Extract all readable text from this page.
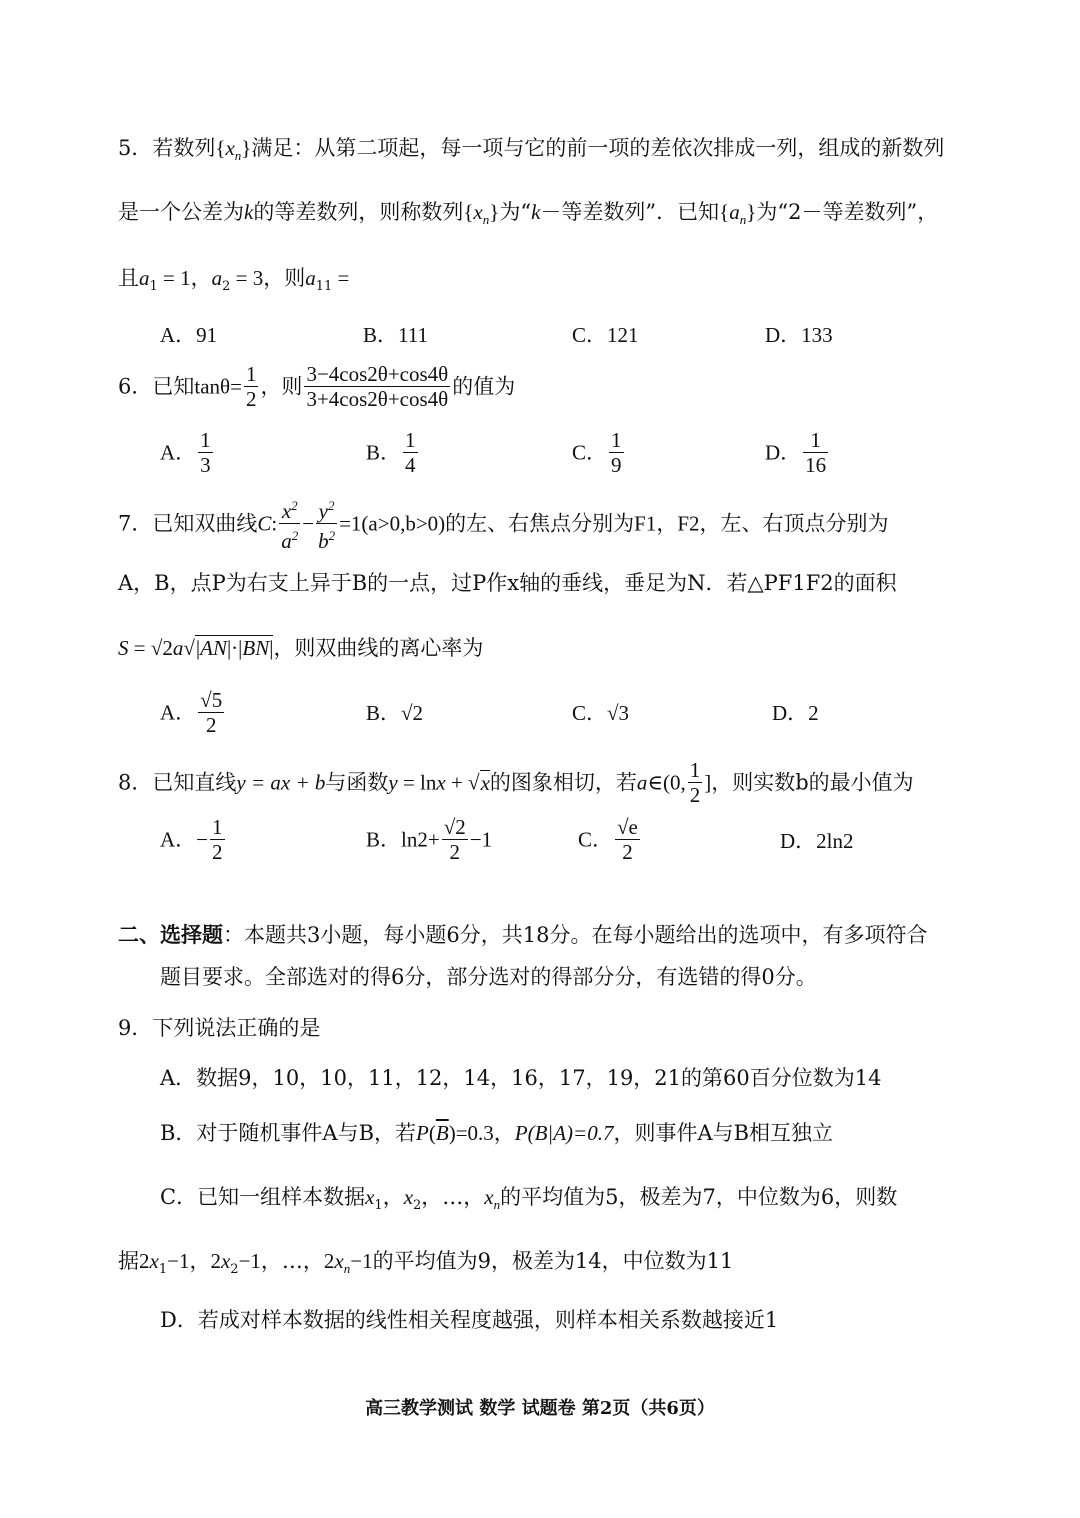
5．若数列$\{x_n\}$满足：从第二项起，每一项与它的前一项的差依次排成一列，组成的新数列
是一个公差为k的等差数列，则称数列$\{x_n\}$为“k－等差数列”．已知$\{a_n\}$为“2－等差数列”，
且$a_1 = 1$，$a_2 = 3$，则$a_{11}$ =
A．91	B．111	C．121	D．133
6．已知$\tan\theta= \frac{1}{2}$ ，则 $\frac{3-4\cos 2\theta+\cos 4\theta}{3+4\cos 2\theta+\cos 4\theta}$ 的值为
A． $\frac{1}{3}$	B． $\frac{1}{4}$	C． $\frac{1}{9}$	D． $\frac{1}{16}$
7．已知双曲线C: $\frac{x^2}{a^2} - \frac{y^2}{b^2} =1(a>0,b>0)$的左、右焦点分别为F1，F2，左、右顶点分别为
A，B，点P为右支上异于B的一点，过P作x轴的垂线，垂足为N．若△PF1F2的面积
S = √2a√|AN|·|BN|，则双曲线的离心率为
A． $\frac{√5}{2}$	B．√2	C．√3	D．2
8．已知直线y = ax + b与函数y = lnx + √x的图象相切，若a∈(0, $\frac{1}{2}$ ]，则实数b的最小值为
A．− $\frac{1}{2}$	B．$\ln 2+ \frac{√2}{2} -1$	C． $\frac{√e}{2}$	D．2ln2
二、选择题：本题共3小题，每小题6分，共18分。在每小题给出的选项中，有多项符合
题目要求。全部选对的得6分，部分选对的得部分分，有选错的得0分。
9．下列说法正确的是
A．数据9，10，10，11，12，14，16，17，19，21的第60百分位数为14
B．对于随机事件A与B，若$P(\overline{B})=0.3$，P(B|A)=0.7，则事件A与B相互独立
C．已知一组样本数据$x_1$，$x_2$，…，$x_n$的平均值为5，极差为7，中位数为6，则数
据$2x_1-1$，$2x_2-1$，…，$2x_n-1$的平均值为9，极差为14，中位数为11
D．若成对样本数据的线性相关程度越强，则样本相关系数越接近1
高三教学测试 数学 试题卷 第2页（共6页）
